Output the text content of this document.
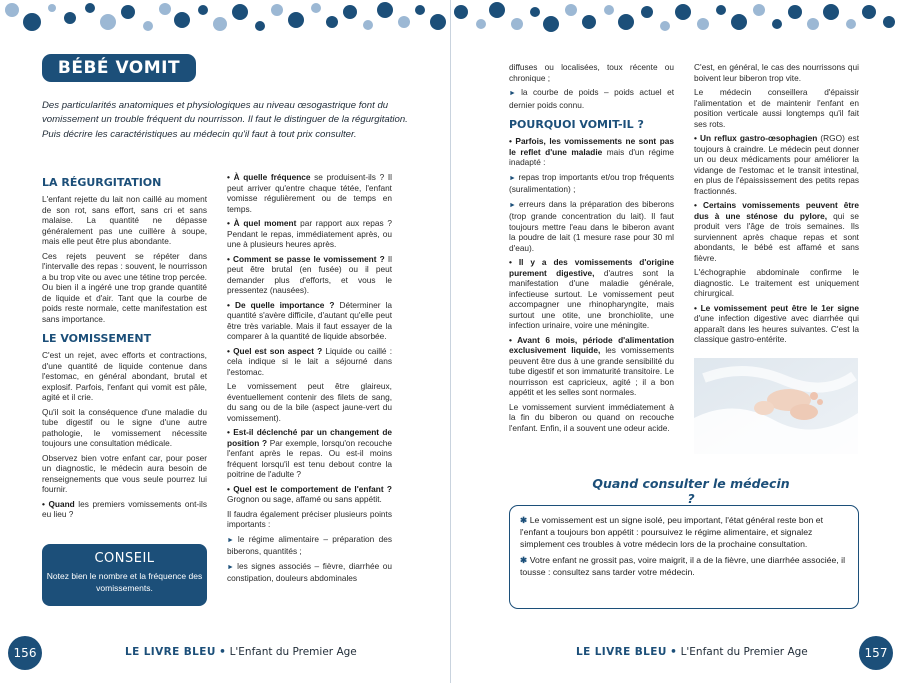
BÉBÉ VOMIT
Des particularités anatomiques et physiologiques au niveau œsogastrique font du vomissement un trouble fréquent du nourrisson. Il faut le distinguer de la régurgitation. Puis décrire les caractéristiques au médecin qu'il faut à tout prix consulter.
LA RÉGURGITATION

L'enfant rejette du lait non caillé au moment de son rot, sans effort, sans cri et sans malaise. La quantité ne dépasse généralement pas une cuillère à soupe, mais elle peut être plus abondante.

Ces rejets peuvent se répéter dans l'intervalle des repas : souvent, le nourrisson a bu trop vite ou avec une tétine trop percée. Ou bien il a ingéré une trop grande quantité de liquide et d'air. Tant que la courbe de poids reste normale, cette manifestation est sans importance.

LE VOMISSEMENT

C'est un rejet, avec efforts et contractions, d'une quantité de liquide contenue dans l'estomac, en général abondant, brutal et explosif. Parfois, l'enfant qui vomit est pâle, agité et il crie.

Qu'il soit la conséquence d'une maladie du tube digestif ou le signe d'une autre pathologie, le vomissement nécessite toujours une consultation médicale.

Observez bien votre enfant car, pour poser un diagnostic, le médecin aura besoin de renseignements que vous seule pourrez lui fournir.

• Quand les premiers vomissements ont-ils eu lieu ?
CONSEIL
Notez bien le nombre et la fréquence des vomissements.
• À quelle fréquence se produisent-ils ? Il peut arriver qu'entre chaque tétée, l'enfant vomisse régulièrement ou de temps en temps.
• À quel moment par rapport aux repas ? Pendant le repas, immédiatement après, ou une à plusieurs heures après.
• Comment se passe le vomissement ? Il peut être brutal (en fusée) ou il peut demander plus d'efforts, et vous le pressentez (nausées).
• De quelle importance ? Déterminer la quantité s'avère difficile, d'autant qu'elle peut être très variable. Mais il faut essayer de la comparer à la quantité de liquide absorbée.
• Quel est son aspect ? Liquide ou caillé : cela indique si le lait a séjourné dans l'estomac.

Le vomissement peut être glaireux, éventuellement contenir des filets de sang, du sang ou de la bile (aspect jaune-vert du vomissement).

• Est-il déclenché par un changement de position ? Par exemple, lorsqu'on recouche l'enfant après le repas. Ou est-il moins fréquent lorsqu'il est tenu debout contre la poitrine de l'adulte ?
• Quel est le comportement de l'enfant ? Grognon ou sage, affamé ou sans appétit.

Il faudra également préciser plusieurs points importants :

► le régime alimentaire – préparation des biberons, quantités ;
► les signes associés – fièvre, diarrhée ou constipation, douleurs abdominales
156	LE LIVRE BLEU • L'Enfant du Premier Age

diffuses ou localisées, toux récente ou chronique ;

► la courbe de poids – poids actuel et dernier poids connu.
POURQUOI VOMIT-IL ?
• Parfois, les vomissements ne sont pas le reflet d'une maladie mais d'un régime inadapté :
► repas trop importants et/ou trop fréquents (suralimentation) ;
► erreurs dans la préparation des biberons (trop grande concentration du lait). Il faut toujours mettre l'eau dans le biberon avant la poudre de lait (1 mesure rase pour 30 ml d'eau).
• Il y a des vomissements d'origine purement digestive, d'autres sont la manifestation d'une maladie générale, infectieuse surtout. Le vomissement peut accompagner une rhinopharyngite, mais surtout une otite, une bronchiolite, une infection urinaire, voire une méningite.
• Avant 6 mois, période d'alimentation exclusivement liquide, les vomissements peuvent être dus à une grande sensibilité du tube digestif et son immaturité transitoire. Le nourrisson est capricieux, agité ; il a bon appétit et les selles sont normales.

Le vomissement survient immédiatement à la fin du biberon ou quand on recouche l'enfant. Enfin, il a souvent une odeur acide.

C'est, en général, le cas des nourrissons qui boivent leur biberon trop vite.

Le médecin conseillera d'épaissir l'alimentation et de maintenir l'enfant en position verticale aussi longtemps qu'il fait ses rots.

• Un reflux gastro-œsophagien (RGO) est toujours à craindre. Le médecin peut donner un ou deux médicaments pour améliorer la vidange de l'estomac et le transit intestinal, en plus de l'épaississement des petits repas fractionnés.
• Certains vomissements peuvent être dus à une sténose du pylore, qui se produit vers l'âge de trois semaines. Ils surviennent après chaque repas et sont abondants, le bébé est affamé et sans fièvre.

L'échographie abdominale confirme le diagnostic. Le traitement est uniquement chirurgical.

• Le vomissement peut être le 1er signe d'une infection digestive avec diarrhée qui apparaît dans les heures suivantes. C'est la classique gastro-entérite.
Quand consulter le médecin ?

✱ Le vomissement est un signe isolé, peu important, l'état général reste bon et l'enfant a toujours bon appétit : poursuivez le régime alimentaire, et signalez simplement ces troubles à votre médecin lors de la prochaine consultation.

✱ Votre enfant ne grossit pas, voire maigrit, il a de la fièvre, une diarrhée associée, il tousse : consultez sans tarder votre médecin.

LE LIVRE BLEU • L'Enfant du Premier Age	157
